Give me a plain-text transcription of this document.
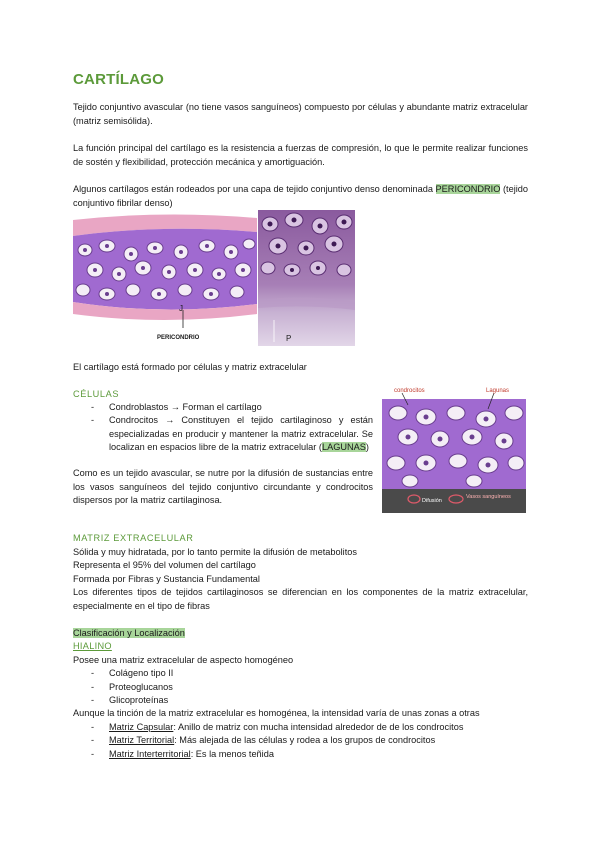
CARTÍLAGO
Tejido conjuntivo avascular (no tiene vasos sanguíneos) compuesto por células y abundante matriz extracelular (matriz semisólida).
La función principal del cartílago es la resistencia a fuerzas de compresión, lo que le permite realizar funciones de sostén y flexibilidad, protección mecánica y amortiguación.
Algunos cartílagos están rodeados por una capa de tejido conjuntivo denso denominada PERICONDRIO (tejido conjuntivo fibrilar denso)
J
PERICONDRIO	P
El cartílago está formado por células y matriz extracelular
CÉLULAS
- Condroblastos → Forman el cartílago
- Condrocitos → Constituyen el tejido cartilaginoso y están especializadas en producir y mantener la matriz extracelular. Se localizan en espacios libre de la matriz extracelular (LAGUNAS)
Como es un tejido avascular, se nutre por la difusión de sustancias entre los vasos sanguíneos del tejido conjuntivo circundante y condrocitos dispersos por la matriz cartilaginosa.
condrocitos	Lagunas
Difusión
Vasos sanguíneos
MATRIZ EXTRACELULAR
Sólida y muy hidratada, por lo tanto permite la difusión de metabolitos
Representa el 95% del volumen del cartílago
Formada por Fibras y Sustancia Fundamental
Los diferentes tipos de tejidos cartilaginosos se diferencian en los componentes de la matriz extracelular, especialmente en el tipo de fibras
Clasificación y Localización
HIALINO
Posee una matriz extracelular de aspecto homogéneo
- Colágeno tipo II
- Proteoglucanos
- Glicoproteínas
Aunque la tinción de la matriz extracelular es homogénea, la intensidad varía de unas zonas a otras
- Matriz Capsular: Anillo de matriz con mucha intensidad alrededor de de los condrocitos
- Matriz Territorial: Más alejada de las células y rodea a los grupos de condrocitos
- Matriz Interterritorial: Es la menos teñida
